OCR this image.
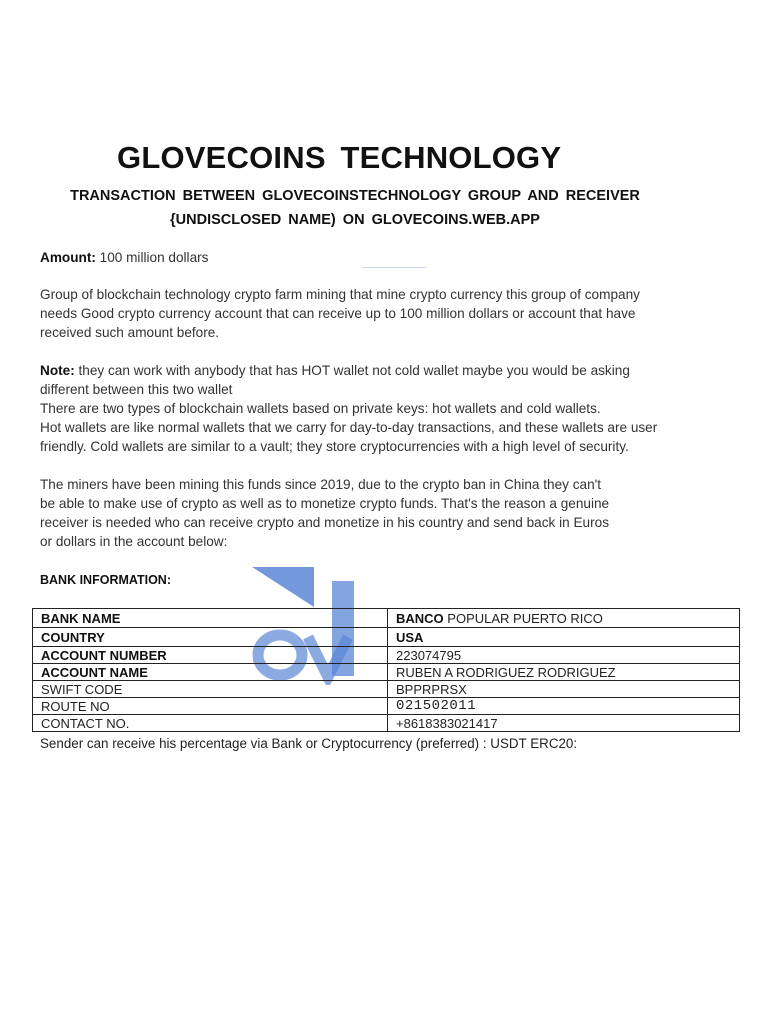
GLOVECOINS TECHNOLOGY
TRANSACTION BETWEEN GLOVECOINSTECHNOLOGY GROUP AND RECEIVER
{UNDISCLOSED NAME) ON GLOVECOINS.WEB.APP
Amount: 100 million dollars
Group of blockchain technology crypto farm mining that mine crypto currency this group of company
needs Good crypto currency account that can receive up to 100 million dollars or account that have
received such amount before.
Note: they can work with anybody that has HOT wallet not cold wallet maybe you would be asking
different between this two wallet
There are two types of blockchain wallets based on private keys: hot wallets and cold wallets.
Hot wallets are like normal wallets that we carry for day-to-day transactions, and these wallets are user
friendly. Cold wallets are similar to a vault; they store cryptocurrencies with a high level of security.
The miners have been mining this funds since 2019, due to the crypto ban in China they can't
be able to make use of crypto as well as to monetize crypto funds. That's the reason a genuine
receiver is needed who can receive crypto and monetize in his country and send back in Euros
or dollars in the account below:
BANK INFORMATION:
BANK NAME	BANCO POPULAR PUERTO RICO
COUNTRY	USA
ACCOUNT NUMBER	223074795
ACCOUNT NAME	RUBEN A RODRIGUEZ RODRIGUEZ
SWIFT CODE	BPPRPRSX
ROUTE NO	021502011
CONTACT NO.	+8618383021417
Sender can receive his percentage via Bank or Cryptocurrency (preferred) : USDT ERC20:
